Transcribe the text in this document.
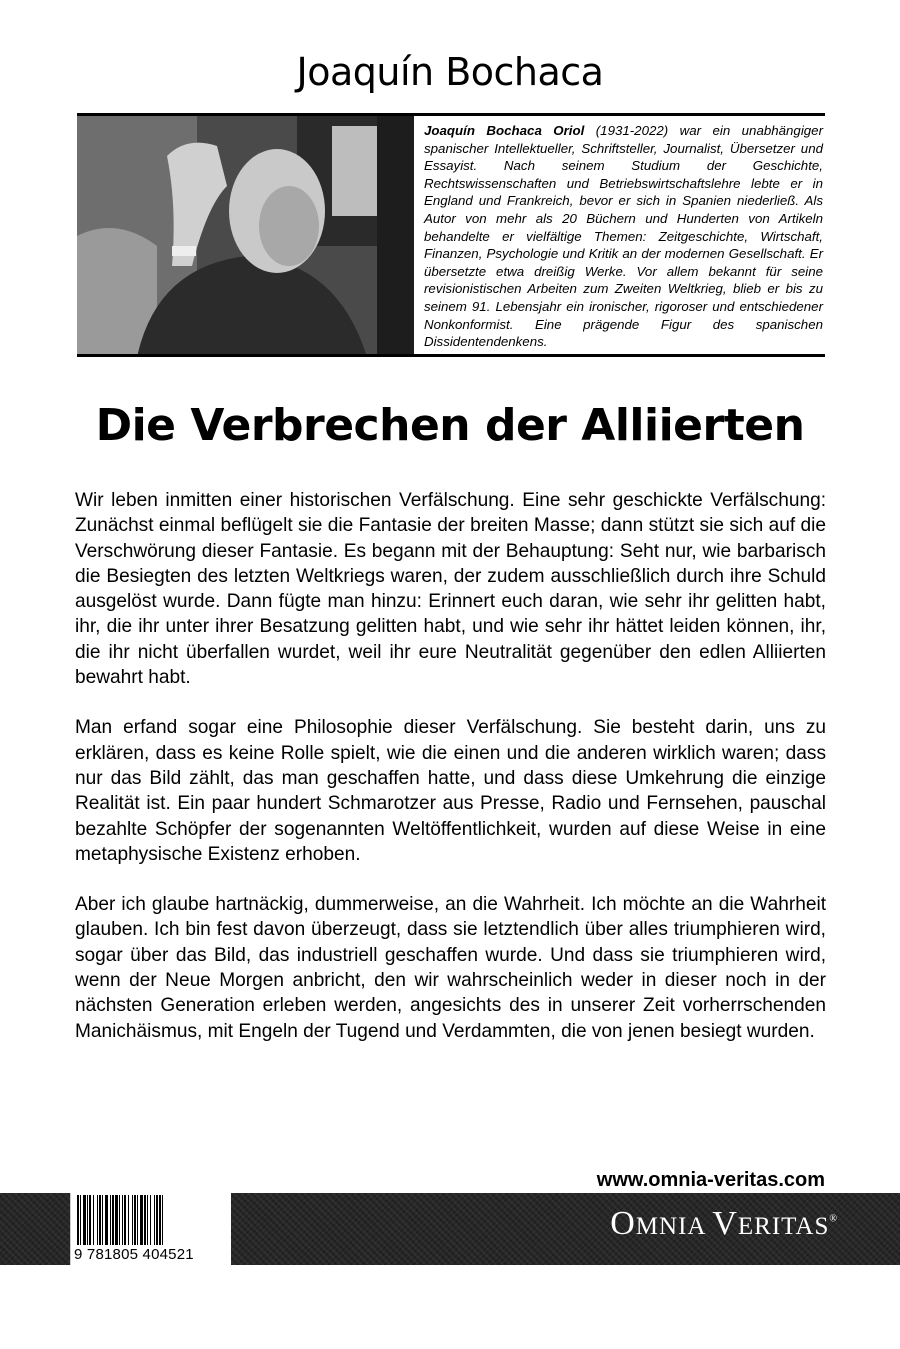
Joaquín Bochaca
Joaquín Bochaca Oriol (1931-2022) war ein unabhängiger spanischer Intellektueller, Schriftsteller, Journalist, Übersetzer und Essayist. Nach seinem Studium der Geschichte, Rechtswissenschaften und Betriebswirtschaftslehre lebte er in England und Frankreich, bevor er sich in Spanien niederließ. Als Autor von mehr als 20 Büchern und Hunderten von Artikeln behandelte er vielfältige Themen: Zeitgeschichte, Wirtschaft, Finanzen, Psychologie und Kritik an der modernen Gesellschaft. Er übersetzte etwa dreißig Werke. Vor allem bekannt für seine revisionistischen Arbeiten zum Zweiten Weltkrieg, blieb er bis zu seinem 91. Lebensjahr ein ironischer, rigoroser und entschiedener Nonkonformist. Eine prägende Figur des spanischen Dissidentendenkens.
Die Verbrechen der Alliierten

Wir leben inmitten einer historischen Verfälschung. Eine sehr geschickte Verfälschung: Zunächst einmal beflügelt sie die Fantasie der breiten Masse; dann stützt sie sich auf die Verschwörung dieser Fantasie. Es begann mit der Behauptung: Seht nur, wie barbarisch die Besiegten des letzten Weltkriegs waren, der zudem ausschließlich durch ihre Schuld ausgelöst wurde. Dann fügte man hinzu: Erinnert euch daran, wie sehr ihr gelitten habt, ihr, die ihr unter ihrer Besatzung gelitten habt, und wie sehr ihr hättet leiden können, ihr, die ihr nicht überfallen wurdet, weil ihr eure Neutralität gegenüber den edlen Alliierten bewahrt habt.

Man erfand sogar eine Philosophie dieser Verfälschung. Sie besteht darin, uns zu erklären, dass es keine Rolle spielt, wie die einen und die anderen wirklich waren; dass nur das Bild zählt, das man geschaffen hatte, und dass diese Umkehrung die einzige Realität ist. Ein paar hundert Schmarotzer aus Presse, Radio und Fernsehen, pauschal bezahlte Schöpfer der sogenannten Weltöffentlichkeit, wurden auf diese Weise in eine metaphysische Existenz erhoben.

Aber ich glaube hartnäckig, dummerweise, an die Wahrheit. Ich möchte an die Wahrheit glauben. Ich bin fest davon überzeugt, dass sie letztendlich über alles triumphieren wird, sogar über das Bild, das industriell geschaffen wurde. Und dass sie triumphieren wird, wenn der Neue Morgen anbricht, den wir wahrscheinlich weder in dieser noch in der nächsten Generation erleben werden, angesichts des in unserer Zeit vorherrschenden Manichäismus, mit Engeln der Tugend und Verdammten, die von jenen besiegt wurden.

www.omnia-veritas.com
9 781805 404521
OMNIA VERITAS®
